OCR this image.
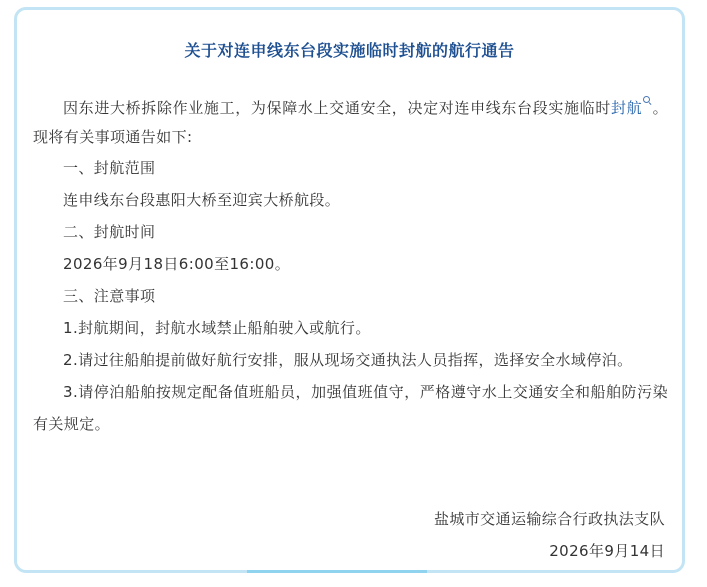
关于对连申线东台段实施临时封航的航行通告

因东进大桥拆除作业施工，为保障水上交通安全，决定对连申线东台段实施临时封航 。现将有关事项通告如下:

一、封航范围

连申线东台段惠阳大桥至迎宾大桥航段。

二、封航时间

2026年9月18日6:00至16:00。

三、注意事项

1.封航期间，封航水域禁止船舶驶入或航行。

2.请过往船舶提前做好航行安排，服从现场交通执法人员指挥，选择安全水域停泊。

3.请停泊船舶按规定配备值班船员，加强值班值守，严格遵守水上交通安全和船舶防污染有关规定。

盐城市交通运输综合行政执法支队
2026年9月14日
